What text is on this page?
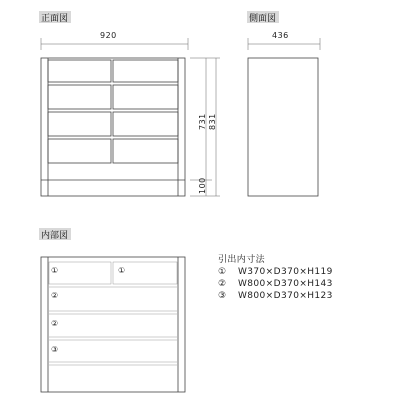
正面図	側面図
内部図
920
731 831
100
436
①	①
②
②
③
引出内寸法
① W370×D370×H119
② W800×D370×H143
③ W800×D370×H123
